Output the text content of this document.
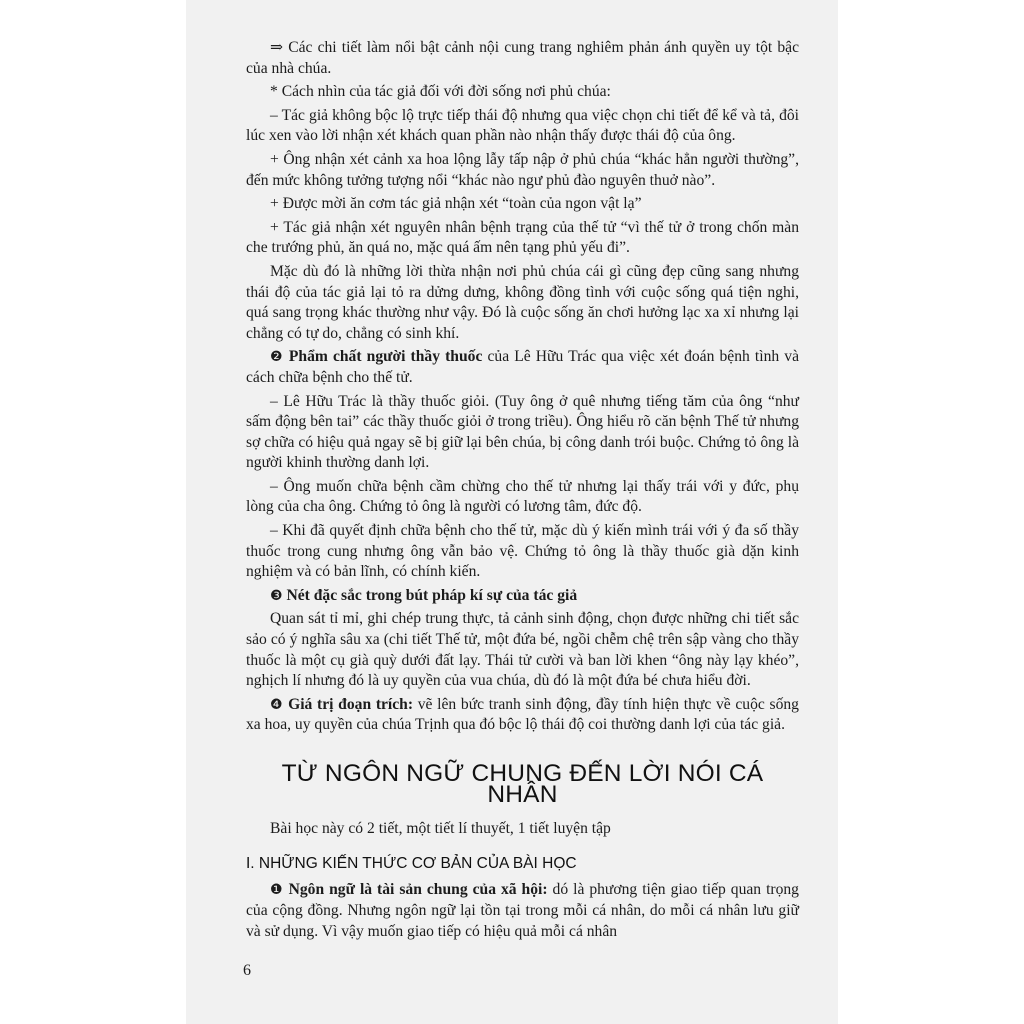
⇒ Các chi tiết làm nổi bật cảnh nội cung trang nghiêm phản ánh quyền uy tột bậc của nhà chúa.

* Cách nhìn của tác giả đối với đời sống nơi phủ chúa:

– Tác giả không bộc lộ trực tiếp thái độ nhưng qua việc chọn chi tiết để kể và tả, đôi lúc xen vào lời nhận xét khách quan phần nào nhận thấy được thái độ của ông.

+ Ông nhận xét cảnh xa hoa lộng lẫy tấp nập ở phủ chúa “khác hẳn người thường”, đến mức không tưởng tượng nổi “khác nào ngư phủ đào nguyên thuở nào”.

+ Được mời ăn cơm tác giả nhận xét “toàn của ngon vật lạ”

+ Tác giả nhận xét nguyên nhân bệnh trạng của thế tử “vì thế tử ở trong chốn màn che trướng phủ, ăn quá no, mặc quá ấm nên tạng phủ yếu đi”.

Mặc dù đó là những lời thừa nhận nơi phủ chúa cái gì cũng đẹp cũng sang nhưng thái độ của tác giả lại tỏ ra dửng dưng, không đồng tình với cuộc sống quá tiện nghi, quá sang trọng khác thường như vậy. Đó là cuộc sống ăn chơi hưởng lạc xa xỉ nhưng lại chẳng có tự do, chẳng có sinh khí.

❷ Phẩm chất người thầy thuốc của Lê Hữu Trác qua việc xét đoán bệnh tình và cách chữa bệnh cho thế tử.

– Lê Hữu Trác là thầy thuốc giỏi. (Tuy ông ở quê nhưng tiếng tăm của ông “như sấm động bên tai” các thầy thuốc giỏi ở trong triều). Ông hiểu rõ căn bệnh Thế tử nhưng sợ chữa có hiệu quả ngay sẽ bị giữ lại bên chúa, bị công danh trói buộc. Chứng tỏ ông là người khinh thường danh lợi.

– Ông muốn chữa bệnh cầm chừng cho thế tử nhưng lại thấy trái với y đức, phụ lòng của cha ông. Chứng tỏ ông là người có lương tâm, đức độ.

– Khi đã quyết định chữa bệnh cho thế tử, mặc dù ý kiến mình trái với ý đa số thầy thuốc trong cung nhưng ông vẫn bảo vệ. Chứng tỏ ông là thầy thuốc già dặn kinh nghiệm và có bản lĩnh, có chính kiến.

❸ Nét đặc sắc trong bút pháp kí sự của tác giả

Quan sát tỉ mỉ, ghi chép trung thực, tả cảnh sinh động, chọn được những chi tiết sắc sảo có ý nghĩa sâu xa (chi tiết Thế tử, một đứa bé, ngồi chễm chệ trên sập vàng cho thầy thuốc là một cụ già quỳ dưới đất lạy. Thái tử cười và ban lời khen “ông này lạy khéo”, nghịch lí nhưng đó là uy quyền của vua chúa, dù đó là một đứa bé chưa hiểu đời.

❹ Giá trị đoạn trích: vẽ lên bức tranh sinh động, đầy tính hiện thực về cuộc sống xa hoa, uy quyền của chúa Trịnh qua đó bộc lộ thái độ coi thường danh lợi của tác giả.

TỪ NGÔN NGỮ CHUNG ĐẾN LỜI NÓI CÁ NHÂN

Bài học này có 2 tiết, một tiết lí thuyết, 1 tiết luyện tập

I. NHỮNG KIẾN THỨC CƠ BẢN CỦA BÀI HỌC

❶ Ngôn ngữ là tài sản chung của xã hội: dó là phương tiện giao tiếp quan trọng của cộng đồng. Nhưng ngôn ngữ lại tồn tại trong mỗi cá nhân, do mỗi cá nhân lưu giữ và sử dụng. Vì vậy muốn giao tiếp có hiệu quả mỗi cá nhân

6
